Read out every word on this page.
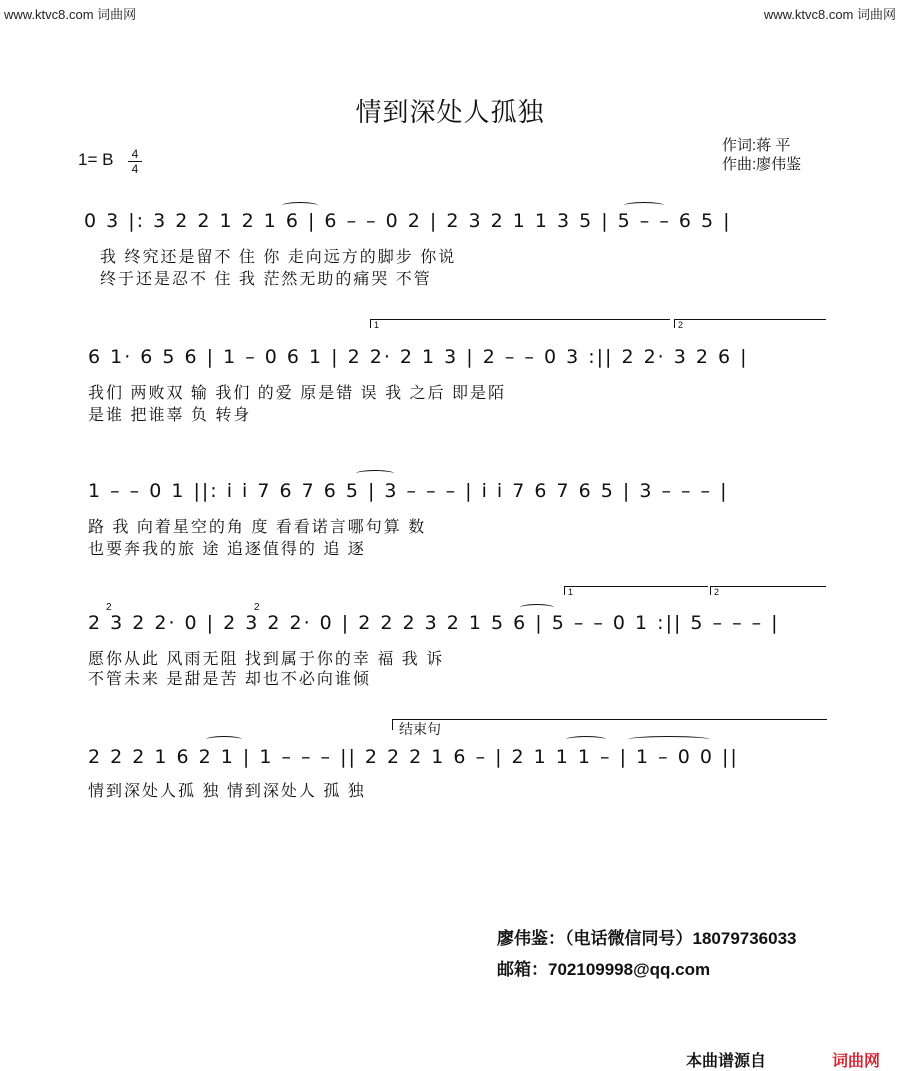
www.ktvc8.com 词曲网	www.ktvc8.com 词曲网
情到深处人孤独
作词:蒋 平
作曲:廖伟鉴
1= B	4
4
0 3 |: 3 2 2 1 2 1 6 | 6 – – 0 2 | 2 3 2 1 1 3 5 | 5 – – 6 5 |
我 终究还是留不 住 你 走向远方的脚步 你说
终于还是忍不 住 我 茫然无助的痛哭 不管
1	2
6 1· 6 5 6 | 1 – 0 6 1 | 2 2· 2 1 3 | 2 – – 0 3 :|| 2 2· 3 2 6 |
我们 两败双 输 我们 的爱 原是错 误 我 之后 即是陌
是谁 把谁辜 负 转身
1 – – 0 1 ||: i i 7 6 7 6 5 | 3 – – – | i i 7 6 7 6 5 | 3 – – – |
路 我 向着星空的角 度 看看诺言哪句算 数
也要奔我的旅 途 追逐值得的 追 逐
1	2
2	2
2 3 2 2· 0 | 2 3 2 2· 0 | 2 2 2 3 2 1 5 6 | 5 – – 0 1 :|| 5 – – – |
愿你从此 风雨无阻 找到属于你的幸 福 我 诉
不管未来 是甜是苦 却也不必向谁倾
结束句
2 2 2 1 6 2 1 | 1 – – – || 2 2 2 1 6 – | 2 1 1 1 – | 1 – 0 0 ||
情到深处人孤 独 情到深处人 孤 独
廖伟鉴：（电话微信同号）18079736033
邮箱：702109998@qq.com
本曲谱源自	词曲网
